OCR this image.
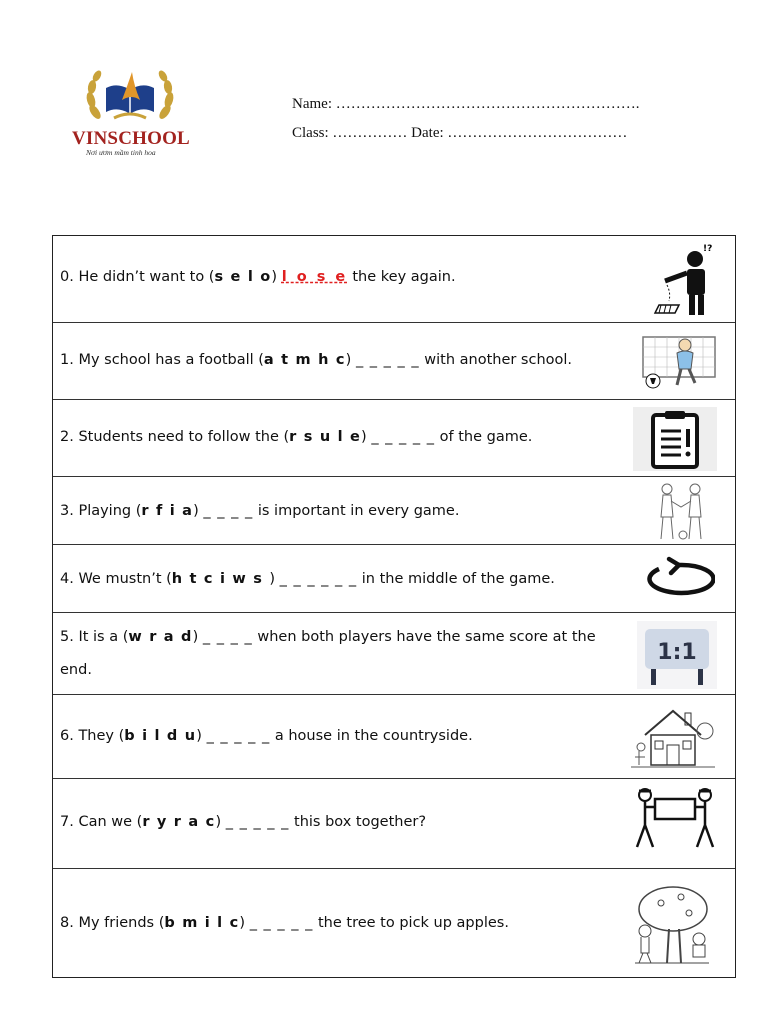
VINSCHOOL
Nơi ươm mầm tinh hoa
Name: …………………………………………………….
Class: …………… Date: ………………………………
0. He didn’t want to (s e l o) l o s e the key again.
!?
1. My school has a football (a t m h c) _ _ _ _ _ with another school.
2. Students need to follow the (r s u l e) _ _ _ _ _ of the game.
3. Playing (r f i a) _ _ _ _ is important in every game.
4. We mustn’t (h t c i w s ) _ _ _ _ _ _ in the middle of the game.
5. It is a (w r a d) _ _ _ _ when both players have the same score at the end.
1:1
6. They (b i l d u) _ _ _ _ _ a house in the countryside.
7. Can we (r y r a c) _ _ _ _ _ this box together?
8. My friends (b m i l c) _ _ _ _ _ the tree to pick up apples.
